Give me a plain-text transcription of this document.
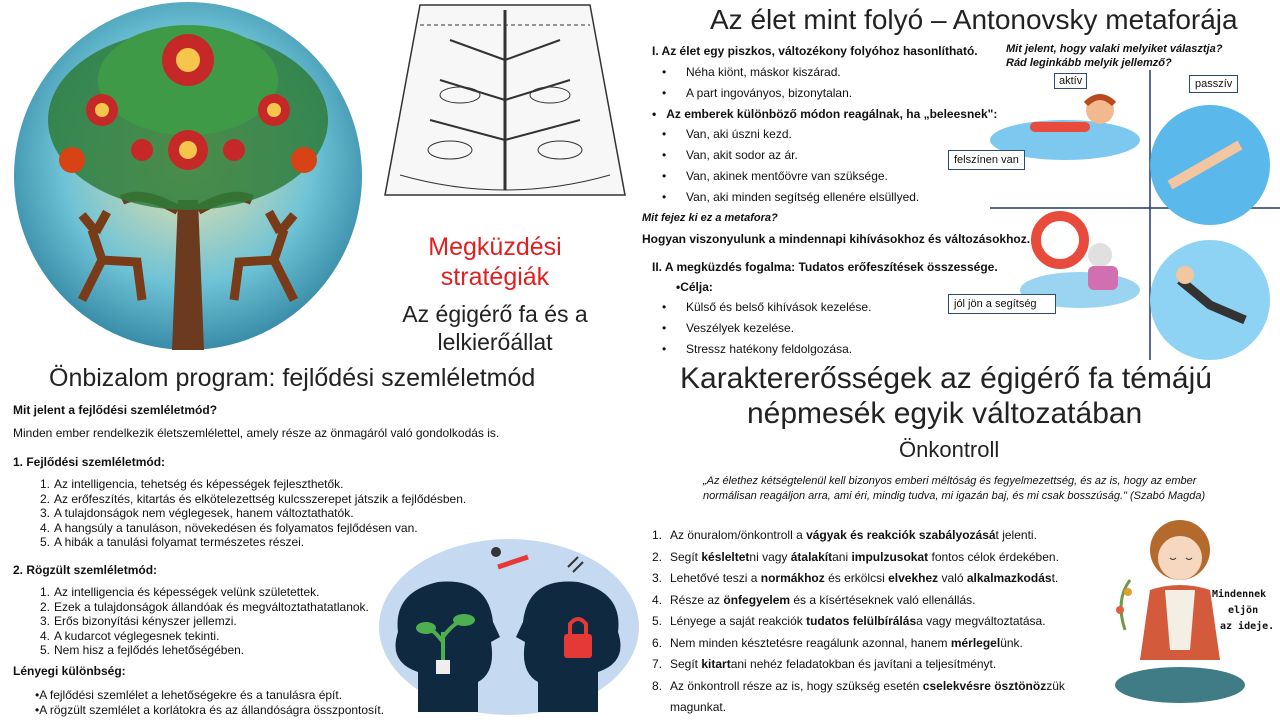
Megküzdési stratégiák
Az égigérő fa és a lelkierőállat
Az élet mint folyó – Antonovsky metaforája
I. Az élet egy piszkos, változékony folyóhoz hasonlítható.
• Néha kiönt, máskor kiszárad.
• A part ingoványos, bizonytalan.
•   Az emberek különböző módon reagálnak, ha „beleesnek":
• Van, aki úszni kezd.
• Van, akit sodor az ár.
• Van, akinek mentőövre van szüksége.
• Van, aki minden segítség ellenére elsüllyed.
Mit fejez ki ez a metafora?
Hogyan viszonyulunk a mindennapi kihívásokhoz és változásokhoz.
II. A megküzdés fogalma: Tudatos erőfeszítések összessége.
•Célja:
• Külső és belső kihívások kezelése.
• Veszélyek kezelése.
• Stressz hatékony feldolgozása.
Mit jelent, hogy valaki melyiket választja?
Rád leginkább melyik jellemző?
aktív	passzív
felszínen van
jól jön a segítség
Önbizalom program: fejlődési szemléletmód
Mit jelent a fejlődési szemléletmód?
Minden ember rendelkezik életszemlélettel, amely része az önmagáról való gondolkodás is.
1. Fejlődési szemléletmód:
1. Az intelligencia, tehetség és képességek fejleszthetők.
2. Az erőfeszítés, kitartás és elkötelezettség kulcsszerepet játszik a fejlődésben.
3. A tulajdonságok nem véglegesek, hanem változtathatók.
4. A hangsúly a tanuláson, növekedésen és folyamatos fejlődésen van.
5. A hibák a tanulási folyamat természetes részei.
2. Rögzült szemléletmód:
1. Az intelligencia és képességek velünk születettek.
2. Ezek a tulajdonságok állandóak és megváltoztathatatlanok.
3. Erős bizonyítási kényszer jellemzi.
4. A kudarcot véglegesnek tekinti.
5. Nem hisz a fejlődés lehetőségében.
Lényegi különbség:
•A fejlődési szemlélet a lehetőségekre és a tanulásra épít.
•A rögzült szemlélet a korlátokra és az állandóságra összpontosít.
Karaktererősségek az égigérő fa témájú
népmesék egyik változatában
Önkontroll
„Az élethez kétségtelenül kell bizonyos emberi méltóság és fegyelmezettség, és az is, hogy az ember
normálisan reagáljon arra, ami éri, mindig tudva, mi igazán baj, és mi csak bosszúság." (Szabó Magda)
1. Az önuralom/önkontroll a vágyak és reakciók szabályozását jelenti.
2. Segít késleltetni vagy átalakítani impulzusokat fontos célok érdekében.
3. Lehetővé teszi a normákhoz és erkölcsi elvekhez való alkalmazkodást.
4. Része az önfegyelem és a kísértéseknek való ellenállás.
5. Lényege a saját reakciók tudatos felülbírálása vagy megváltoztatása.
6. Nem minden késztetésre reagálunk azonnal, hanem mérlegelünk.
7. Segít kitartani nehéz feladatokban és javítani a teljesítményt.
8. Az önkontroll része az is, hogy szükség esetén cselekvésre ösztönözzük
magunkat.
Mindennek
eljön
az ideje.
